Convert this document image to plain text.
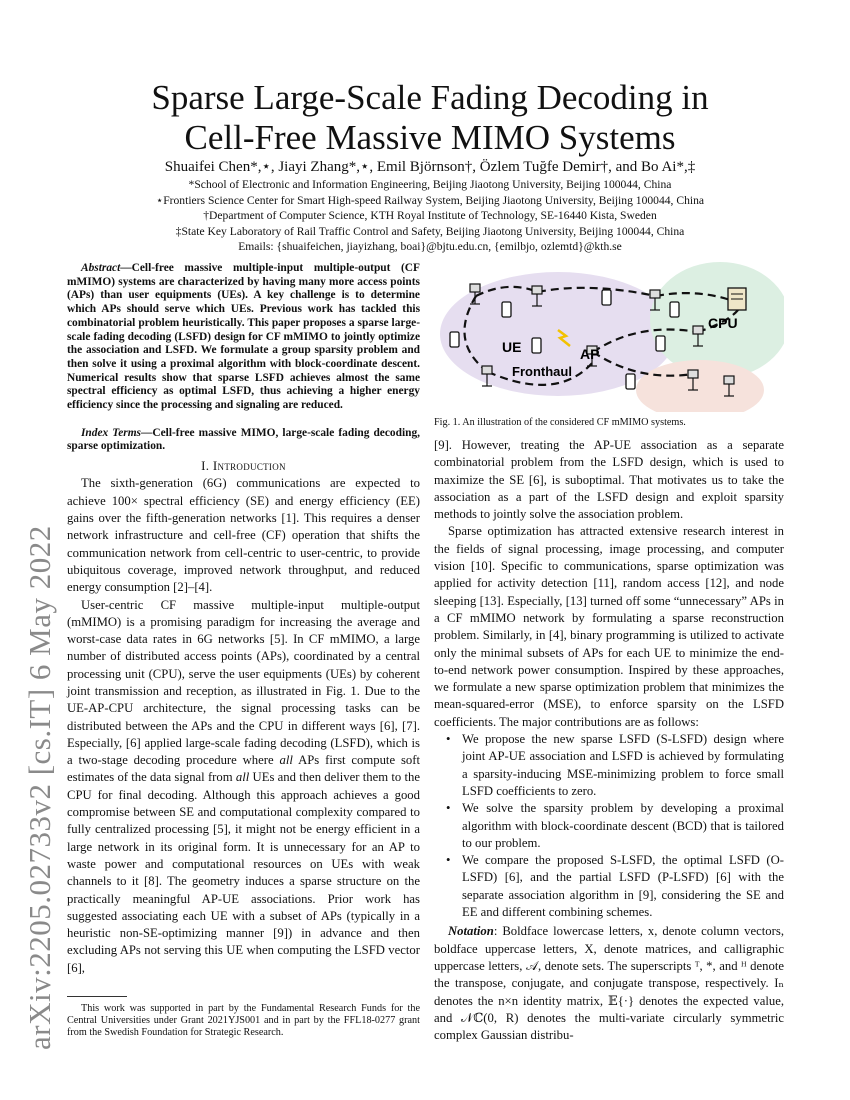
arXiv:2205.02733v2 [cs.IT] 6 May 2022
Sparse Large-Scale Fading Decoding in
Cell-Free Massive MIMO Systems
Shuaifei Chen*,⋆, Jiayi Zhang*,⋆, Emil Björnson†, Özlem Tuğfe Demir†, and Bo Ai*,‡
*School of Electronic and Information Engineering, Beijing Jiaotong University, Beijing 100044, China
⋆Frontiers Science Center for Smart High-speed Railway System, Beijing Jiaotong University, Beijing 100044, China
†Department of Computer Science, KTH Royal Institute of Technology, SE-16440 Kista, Sweden
‡State Key Laboratory of Rail Traffic Control and Safety, Beijing Jiaotong University, Beijing 100044, China
Emails: {shuaifeichen, jiayizhang, boai}@bjtu.edu.cn, {emilbjo, ozlemtd}@kth.se

Abstract—Cell-free massive multiple-input multiple-output (CF mMIMO) systems are characterized by having many more access points (APs) than user equipments (UEs). A key challenge is to determine which APs should serve which UEs. Previous work has tackled this combinatorial problem heuristically. This paper proposes a sparse large-scale fading decoding (LSFD) design for CF mMIMO to jointly optimize the association and LSFD. We formulate a group sparsity problem and then solve it using a proximal algorithm with block-coordinate descent. Numerical results show that sparse LSFD achieves almost the same spectral efficiency as optimal LSFD, thus achieving a higher energy efficiency since the processing and signaling are reduced.

Index Terms—Cell-free massive MIMO, large-scale fading decoding, sparse optimization.

I. Introduction

The sixth-generation (6G) communications are expected to achieve 100× spectral efficiency (SE) and energy efficiency (EE) gains over the fifth-generation networks [1]. This requires a denser network infrastructure and cell-free (CF) operation that shifts the communication network from cell-centric to user-centric, to provide ubiquitous coverage, improved network throughput, and reduced energy consumption [2]–[4].

User-centric CF massive multiple-input multiple-output (mMIMO) is a promising paradigm for increasing the average and worst-case data rates in 6G networks [5]. In CF mMIMO, a large number of distributed access points (APs), coordinated by a central processing unit (CPU), serve the user equipments (UEs) by coherent joint transmission and reception, as illustrated in Fig. 1. Due to the UE-AP-CPU architecture, the signal processing tasks can be distributed between the APs and the CPU in different ways [6], [7]. Especially, [6] applied large-scale fading decoding (LSFD), which is a two-stage decoding procedure where all APs first compute soft estimates of the data signal from all UEs and then deliver them to the CPU for final decoding. Although this approach achieves a good compromise between SE and computational complexity compared to fully centralized processing [5], it might not be energy efficient in a large network in its original form. It is unnecessary for an AP to waste power and computational resources on UEs with weak channels to it [8]. The geometry induces a sparse structure on the practically meaningful AP-UE associations. Prior work has suggested associating each UE with a subset of APs (typically in a heuristic non-SE-optimizing manner [9]) in advance and then excluding APs not serving this UE when computing the LSFD vector [6],

This work was supported in part by the Fundamental Research Funds for the Central Universities under Grant 2021YJS001 and in part by the FFL18-0277 grant from the Swedish Foundation for Strategic Research.
UE	AP
CPU
Fronthaul
Fig. 1. An illustration of the considered CF mMIMO systems.

[9]. However, treating the AP-UE association as a separate combinatorial problem from the LSFD design, which is used to maximize the SE [6], is suboptimal. That motivates us to take the association as a part of the LSFD design and exploit sparsity methods to jointly solve the association problem.

Sparse optimization has attracted extensive research interest in the fields of signal processing, image processing, and computer vision [10]. Specific to communications, sparse optimization was applied for activity detection [11], random access [12], and node sleeping [13]. Especially, [13] turned off some “unnecessary” APs in a CF mMIMO network by formulating a sparse reconstruction problem. Similarly, in [4], binary programming is utilized to activate only the minimal subsets of APs for each UE to minimize the end-to-end network power consumption. Inspired by these approaches, we formulate a new sparse optimization problem that minimizes the mean-squared-error (MSE), to enforce sparsity on the LSFD coefficients. The major contributions are as follows:

• We propose the new sparse LSFD (S-LSFD) design where joint AP-UE association and LSFD is achieved by formulating a sparsity-inducing MSE-minimizing problem to force small LSFD coefficients to zero.
• We solve the sparsity problem by developing a proximal algorithm with block-coordinate descent (BCD) that is tailored to our problem.
• We compare the proposed S-LSFD, the optimal LSFD (O-LSFD) [6], and the partial LSFD (P-LSFD) [6] with the separate association algorithm in [9], considering the SE and EE and different combining schemes.

Notation: Boldface lowercase letters, x, denote column vectors, boldface uppercase letters, X, denote matrices, and calligraphic uppercase letters, 𝒜, denote sets. The superscripts ᵀ, *, and ᴴ denote the transpose, conjugate, and conjugate transpose, respectively. Iₙ denotes the n×n identity matrix, 𝔼{·} denotes the expected value, and 𝒩ℂ(0, R) denotes the multi-variate circularly symmetric complex Gaussian distribu-
